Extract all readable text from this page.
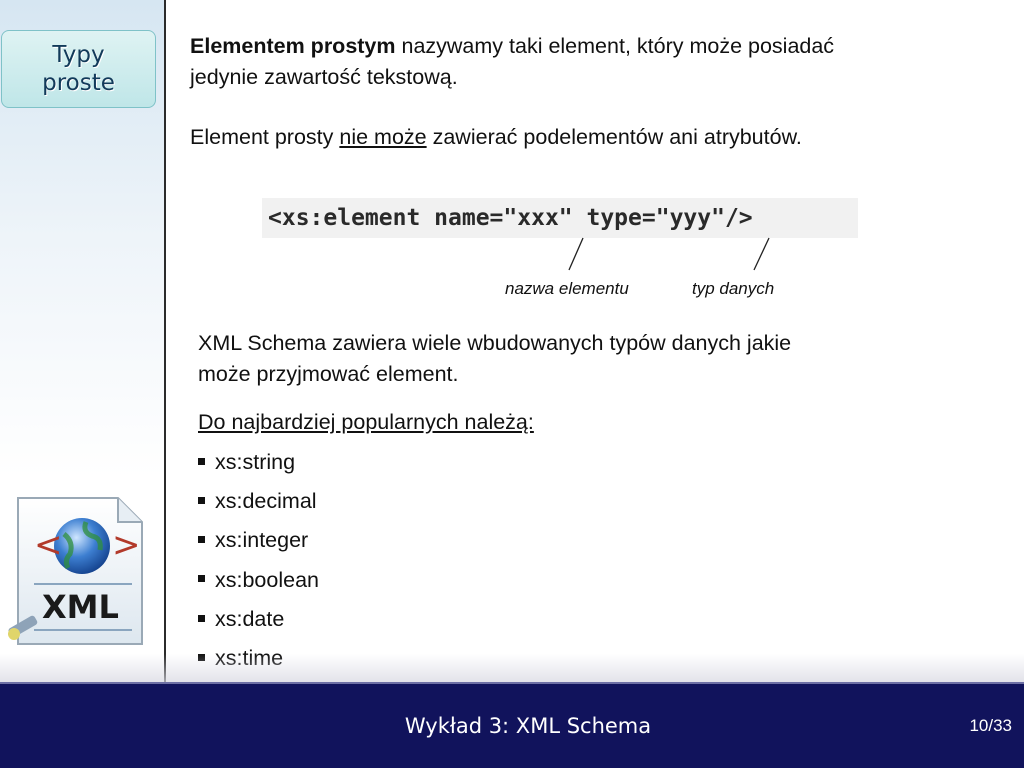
Typy
proste
< >
XML
Elementem prostym nazywamy taki element, który może posiadać
jedynie zawartość tekstową.
Element prosty nie może zawierać podelementów ani atrybutów.
<xs:element name="xxx" type="yyy"/>
nazwa elementu	typ danych
XML Schema zawiera wiele wbudowanych typów danych jakie
może przyjmować element.
Do najbardziej popularnych należą:
xs:string
xs:decimal
xs:integer
xs:boolean
xs:date
Wykład 3: XML Schema	10/33
